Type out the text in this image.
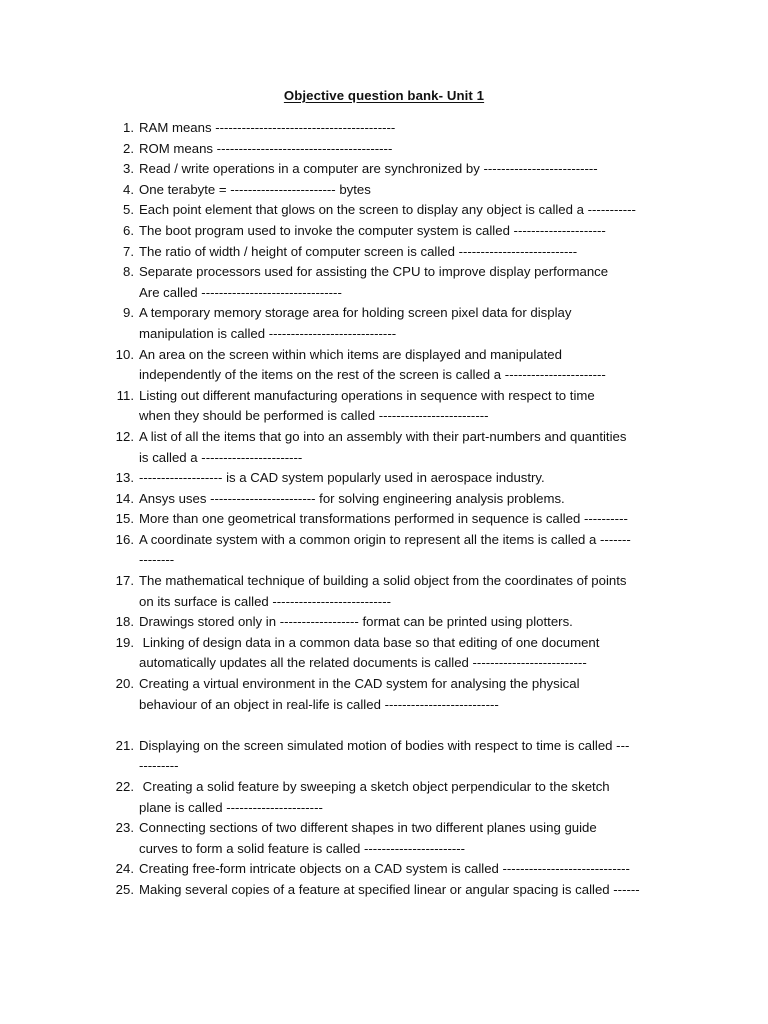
Objective question bank- Unit 1
1. RAM means -----------------------------------------
2. ROM means ----------------------------------------
3. Read / write operations in a computer are synchronized by --------------------------
4. One terabyte = ------------------------ bytes
5. Each point element that glows on the screen to display any object is called a -----------
6. The boot program used to invoke the computer system is called ---------------------
7. The ratio of width / height of computer screen is called ---------------------------
8. Separate processors used for assisting the CPU to improve display performance
Are called --------------------------------
9. A temporary memory storage area for holding screen pixel data for display
manipulation is called -----------------------------
10. An area on the screen within which items are displayed and manipulated
independently of the items on the rest of the screen is called a -----------------------
11. Listing out different manufacturing operations in sequence with respect to time
when they should be performed is called -------------------------
12. A list of all the items that go into an assembly with their part-numbers and quantities
is called a -----------------------
13. ------------------- is a CAD system popularly used in aerospace industry.
14. Ansys uses ------------------------ for solving engineering analysis problems.
15. More than one geometrical transformations performed in sequence is called ----------
16. A coordinate system with a common origin to represent all the items is called a -------
--------
17. The mathematical technique of building a solid object from the coordinates of points
on its surface is called ---------------------------
18. Drawings stored only in ------------------ format can be printed using plotters.
19. Linking of design data in a common data base so that editing of one document
automatically updates all the related documents is called --------------------------
20. Creating a virtual environment in the CAD system for analysing the physical
behaviour of an object in real-life is called --------------------------
21. Displaying on the screen simulated motion of bodies with respect to time is called ---
---------
22. Creating a solid feature by sweeping a sketch object perpendicular to the sketch
plane is called ----------------------
23. Connecting sections of two different shapes in two different planes using guide
curves to form a solid feature is called -----------------------
24. Creating free-form intricate objects on a CAD system is called -----------------------------
25. Making several copies of a feature at specified linear or angular spacing is called ------
